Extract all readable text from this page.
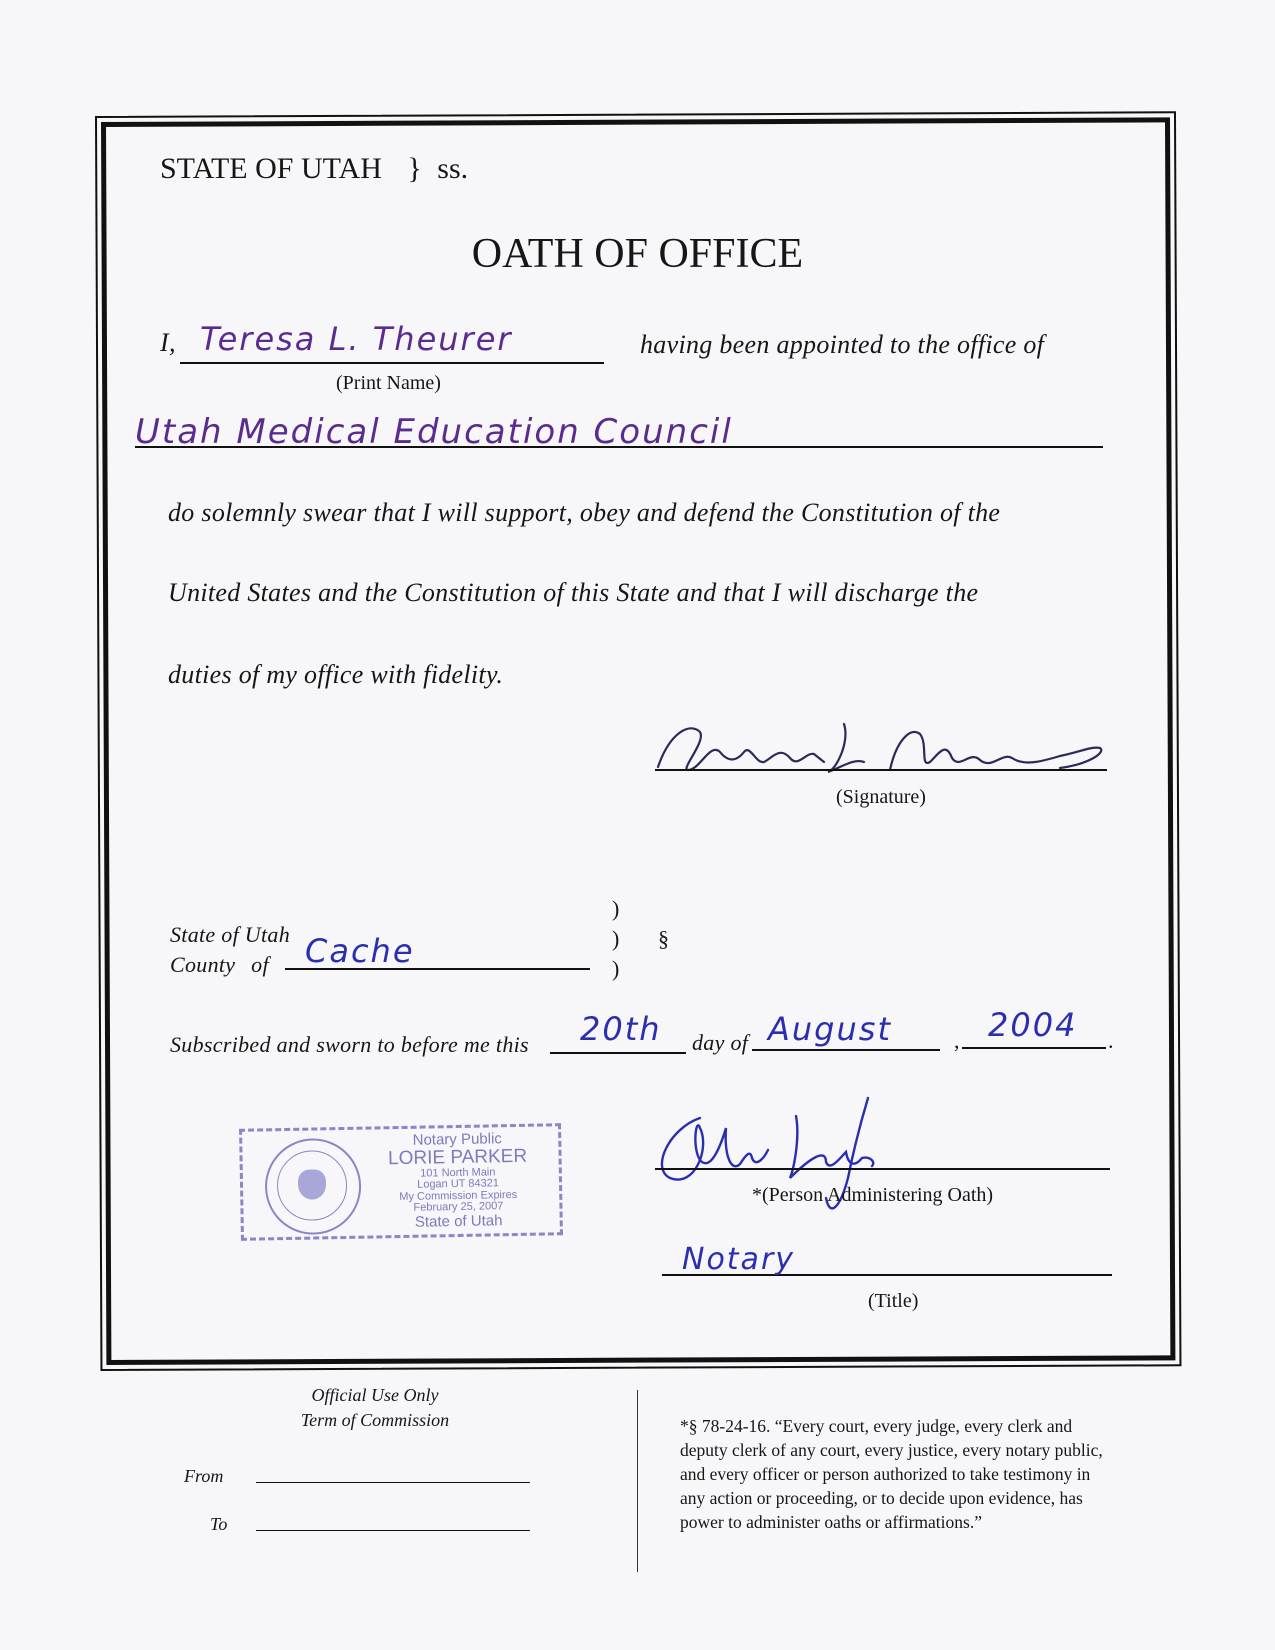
STATE OF UTAH } ss.
OATH OF OFFICE
I, Teresa L. Theurer
(Print Name)
having been appointed to the office of
Utah Medical Education Council
do solemnly swear that I will support, obey and defend the Constitution of the
United States and the Constitution of this State and that I will discharge the
duties of my office with fidelity.
(Signature)
State of Utah
County of Cache
)
)
)
§
Subscribed and sworn to before me this 20th day of August	, 2004 .
Notary Public
LORIE PARKER
101 North Main
Logan UT 84321
My Commission Expires
February 25, 2007
State of Utah
*(Person Administering Oath)
Notary
(Title)
Official Use Only
Term of Commission
From
To
*§ 78-24-16. “Every court, every judge, every clerk and
deputy clerk of any court, every justice, every notary public,
and every officer or person authorized to take testimony in
any action or proceeding, or to decide upon evidence, has
power to administer oaths or affirmations.”
